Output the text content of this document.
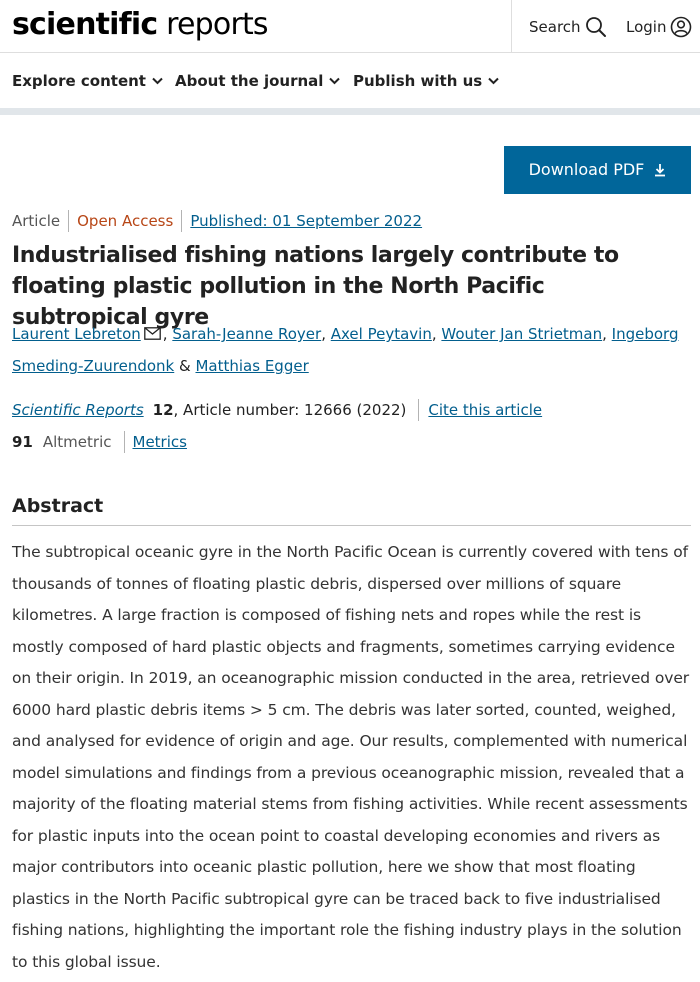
scientific reports	Search	Login
Explore content About the journal Publish with us
Download PDF
Article Open Access Published: 01 September 2022
Industrialised fishing nations largely contribute to floating plastic pollution in the North Pacific subtropical gyre
Laurent Lebreton , Sarah-Jeanne Royer, Axel Peytavin, Wouter Jan Strietman, Ingeborg Smeding-Zuurendonk & Matthias Egger
Scientific Reports 12 , Article number: 12666 (2022) Cite this article
91 Altmetric Metrics
Abstract

The subtropical oceanic gyre in the North Pacific Ocean is currently covered with tens of thousands of tonnes of floating plastic debris, dispersed over millions of square kilometres. A large fraction is composed of fishing nets and ropes while the rest is mostly composed of hard plastic objects and fragments, sometimes carrying evidence on their origin. In 2019, an oceanographic mission conducted in the area, retrieved over 6000 hard plastic debris items > 5 cm. The debris was later sorted, counted, weighed, and analysed for evidence of origin and age. Our results, complemented with numerical model simulations and findings from a previous oceanographic mission, revealed that a majority of the floating material stems from fishing activities. While recent assessments for plastic inputs into the ocean point to coastal developing economies and rivers as major contributors into oceanic plastic pollution, here we show that most floating plastics in the North Pacific subtropical gyre can be traced back to five industrialised fishing nations, highlighting the important role the fishing industry plays in the solution to this global issue.
